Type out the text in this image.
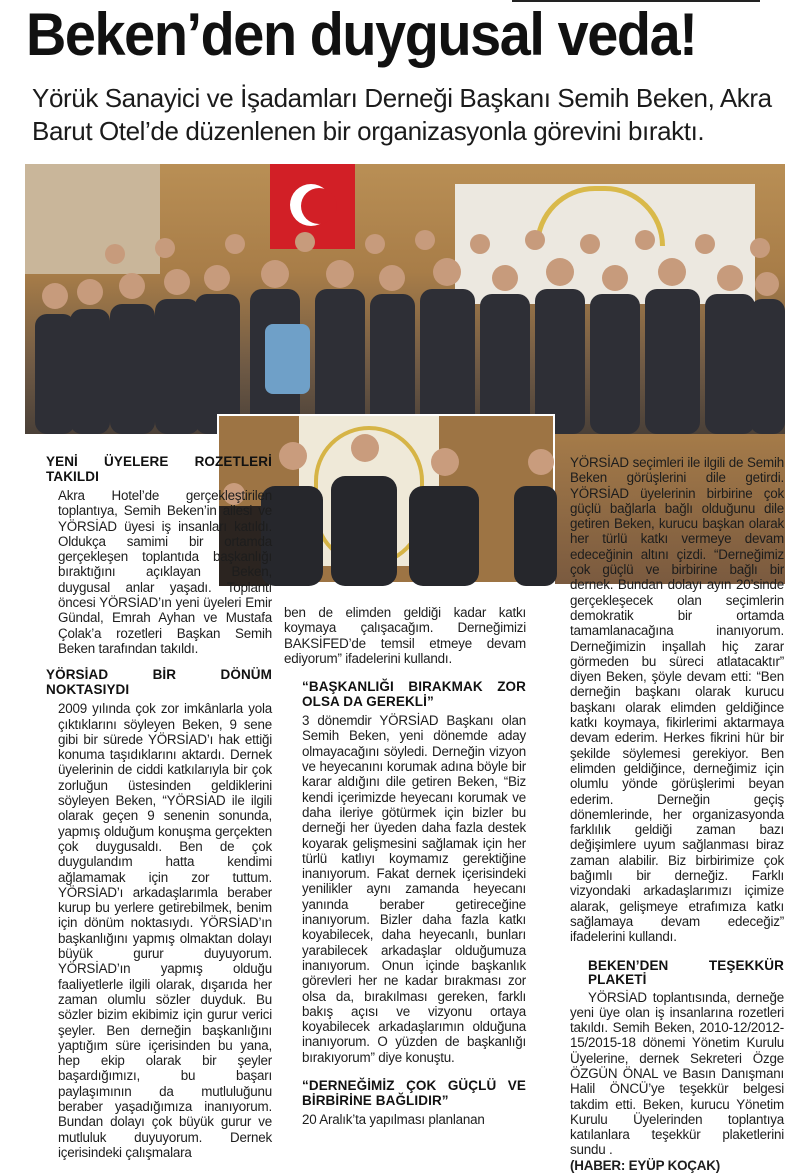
Beken’den duygusal veda!

Yörük Sanayici ve İşadamları Derneği Başkanı Semih Beken, Akra Barut Otel’de düzenlenen bir organizasyonla görevini bıraktı.

YENİ ÜYELERE ROZETLERİ TAKILDI

Akra Hotel’de gerçekleştirilen toplantıya, Semih Beken’in ailesi ve YÖRSİAD üyesi iş insanları katıldı. Oldukça samimi bir ortamda gerçekleşen toplantıda başkanlığı bıraktığını açıklayan Beken, duygusal anlar yaşadı. Toplantı öncesi YÖRSİAD’ın yeni üyeleri Emir Gündal, Emrah Ayhan ve Mustafa Çolak’a rozetleri Başkan Semih Beken tarafından takıldı.

YÖRSİAD BİR DÖNÜM NOKTASIYDI

2009 yılında çok zor imkânlarla yola çıktıklarını söyleyen Beken, 9 sene gibi bir sürede YÖRSİAD’ı hak ettiği konuma taşıdıklarını aktardı. Dernek üyelerinin de ciddi katkılarıyla bir çok zorluğun üstesinden geldiklerini söyleyen Beken, “YÖRSİAD ile ilgili olarak geçen 9 senenin sonunda, yapmış olduğum konuşma gerçekten çok duygusaldı. Ben de çok duygulandım hatta kendimi ağlamamak için zor tuttum. YÖRSİAD’ı arkadaşlarımla beraber kurup bu yerlere getirebilmek, benim için dönüm noktasıydı. YÖRSİAD’ın başkanlığını yapmış olmaktan dolayı büyük gurur duyuyorum. YÖRSİAD’ın yapmış olduğu faaliyetlerle ilgili olarak, dışarıda her zaman olumlu sözler duyduk. Bu sözler bizim ekibimiz için gurur verici şeyler. Ben derneğin başkanlığını yaptığım süre içerisinden bu yana, hep ekip olarak bir şeyler başardığımızı, bu başarı paylaşımının da mutluluğunu beraber yaşadığımıza inanıyorum. Bundan dolayı çok büyük gurur ve mutluluk duyuyorum. Dernek içerisindeki çalışmalara

ben de elimden geldiği kadar katkı koymaya çalışacağım. Derneğimizi BAKSİFED’de temsil etmeye devam ediyorum” ifadelerini kullandı.

“BAŞKANLIĞI BIRAKMAK ZOR OLSA DA GEREKLİ”

3 dönemdir YÖRSİAD Başkanı olan Semih Beken, yeni dönemde aday olmayacağını söyledi. Derneğin vizyon ve heyecanını korumak adına böyle bir karar aldığını dile getiren Beken, “Biz kendi içerimizde heyecanı korumak ve daha ileriye götürmek için bizler bu derneği her üyeden daha fazla destek koyarak gelişmesini sağlamak için her türlü katlıyı koymamız gerektiğine inanıyorum. Fakat dernek içerisindeki yenilikler aynı zamanda heyecanı yanında beraber getireceğine inanıyorum. Bizler daha fazla katkı koyabilecek, daha heyecanlı, bunları yarabilecek arkadaşlar olduğumuza inanıyorum. Onun içinde başkanlık görevleri her ne kadar bırakması zor olsa da, bırakılması gereken, farklı bakış açısı ve vizyonu ortaya koyabilecek arkadaşlarımın olduğuna inanıyorum. O yüzden de başkanlığı bırakıyorum” diye konuştu.

“DERNEĞİMİZ ÇOK GÜÇLÜ VE BİRBİRİNE BAĞLIDIR”

20 Aralık’ta yapılması planlanan

YÖRSİAD seçimleri ile ilgili de Semih Beken görüşlerini dile getirdi. YÖRSİAD üyelerinin birbirine çok güçlü bağlarla bağlı olduğunu dile getiren Beken, kurucu başkan olarak her türlü katkı vermeye devam edeceğinin altını çizdi. “Derneğimiz çok güçlü ve birbirine bağlı bir dernek. Bundan dolayı ayın 20’sinde gerçekleşecek olan seçimlerin demokratik bir ortamda tamamlanacağına inanıyorum. Derneğimizin inşallah hiç zarar görmeden bu süreci atlatacaktır” diyen Beken, şöyle devam etti: “Ben derneğin başkanı olarak kurucu başkanı olarak elimden geldiğince katkı koymaya, fikirlerimi aktarmaya devam ederim. Herkes fikrini hür bir şekilde söylemesi gerekiyor. Ben elimden geldiğince, derneğimiz için olumlu yönde görüşlerimi beyan ederim. Derneğin geçiş dönemlerinde, her organizasyonda farklılık geldiği zaman bazı değişimlere uyum sağlanması biraz zaman alabilir. Biz birbirimize çok bağımlı bir derneğiz. Farklı vizyondaki arkadaşlarımızı içimize alarak, gelişmeye etrafımıza katkı sağlamaya devam edeceğiz” ifadelerini kullandı.

BEKEN’DEN TEŞEKKÜR PLAKETİ

YÖRSİAD toplantısında, derneğe yeni üye olan iş insanlarına rozetleri takıldı. Semih Beken, 2010-12/2012-15/2015-18 dönemi Yönetim Kurulu Üyelerine, dernek Sekreteri Özge ÖZGÜN ÖNAL ve Basın Danışmanı Halil ÖNCÜ’ye teşekkür belgesi takdim etti. Beken, kurucu Yönetim Kurulu Üyelerinden toplantıya katılanlara teşekkür plaketlerini sundu .

(HABER: EYÜP KOÇAK)
